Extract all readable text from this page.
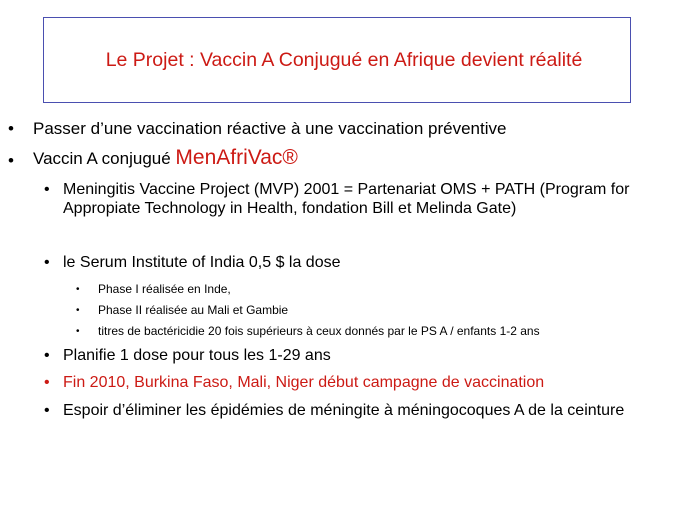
Le Projet : Vaccin A Conjugué en Afrique devient réalité
• Passer d’une vaccination réactive à une vaccination préventive
• Vaccin A conjugué MenAfriVac®
• Meningitis Vaccine Project (MVP) 2001 = Partenariat OMS + PATH (Program for Appropiate Technology in Health, fondation Bill et Melinda Gate)
• le Serum Institute of India 0,5 $ la dose
• Phase I réalisée en Inde,
• Phase II réalisée au Mali et Gambie
• titres de bactéricidie 20 fois supérieurs à ceux donnés par le PS A / enfants 1-2 ans
• Planifie 1 dose pour tous les 1-29 ans
• Fin 2010, Burkina Faso, Mali, Niger début campagne de vaccination
• Espoir d’éliminer les épidémies de méningite à méningocoques A de la ceinture
